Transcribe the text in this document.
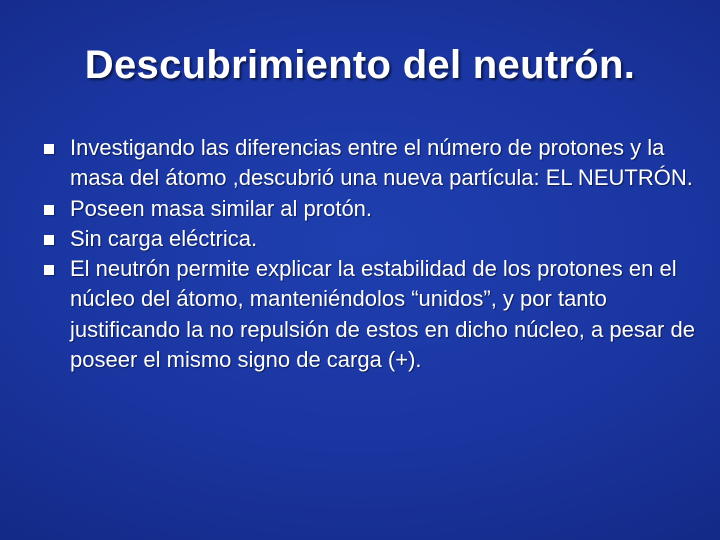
Descubrimiento del neutrón.
Investigando las diferencias entre el número de protones y la masa del átomo ,descubrió una nueva partícula: EL NEUTRÓN.
Poseen masa similar al protón.
Sin carga eléctrica.
El neutrón permite explicar la estabilidad de los protones en el núcleo del átomo, manteniéndolos “unidos”, y por tanto justificando la no repulsión de estos en dicho núcleo, a pesar de poseer el mismo signo de carga (+).
